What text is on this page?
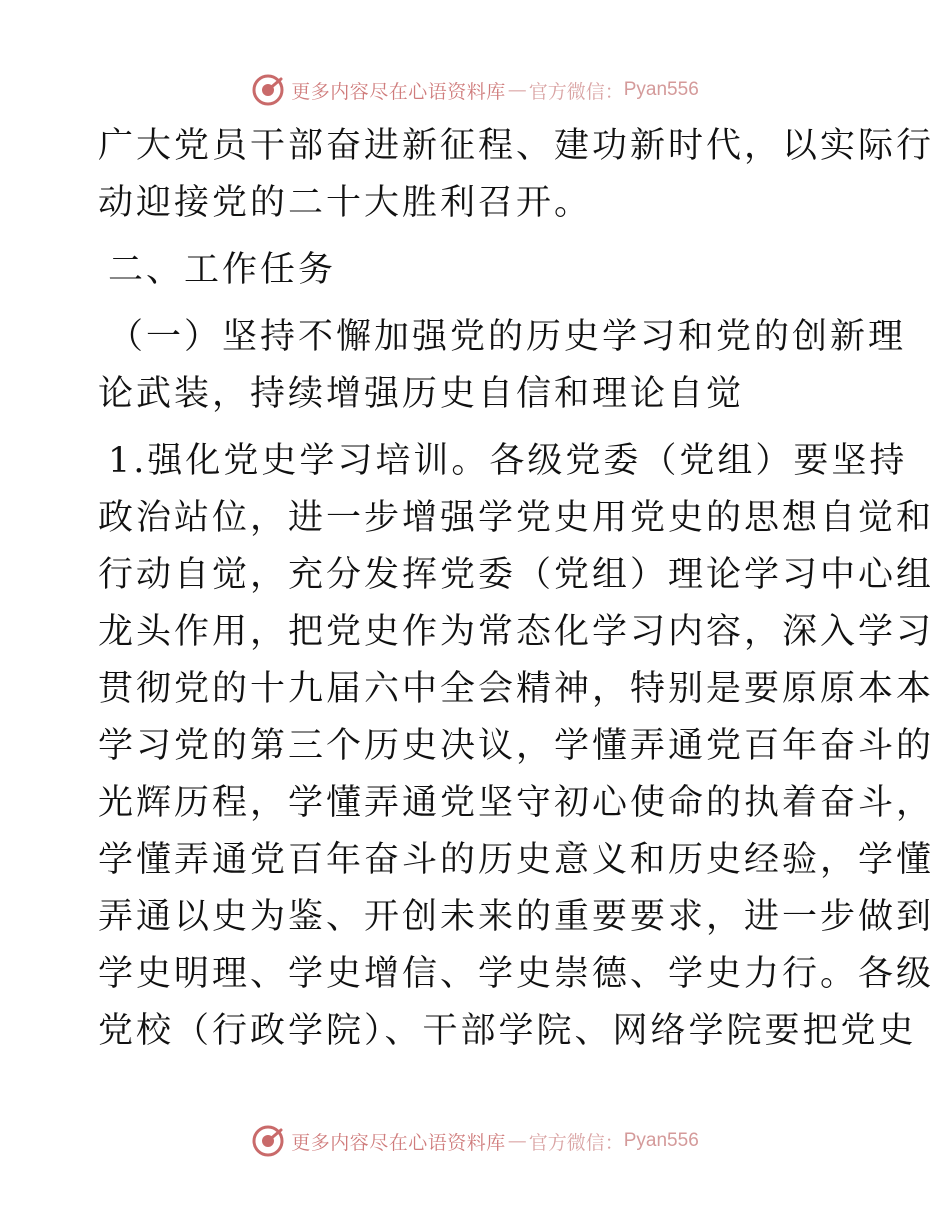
更多内容尽在心语资料库 — 官方微信： Pyan556
广大党员干部奋进新征程、建功新时代，以实际行
动迎接党的二十大胜利召开。
二、工作任务
（一）坚持不懈加强党的历史学习和党的创新理
论武装，持续增强历史自信和理论自觉
1.强化党史学习培训。各级党委（党组）要坚持
政治站位，进一步增强学党史用党史的思想自觉和
行动自觉，充分发挥党委（党组）理论学习中心组
龙头作用，把党史作为常态化学习内容，深入学习
贯彻党的十九届六中全会精神，特别是要原原本本
学习党的第三个历史决议，学懂弄通党百年奋斗的
光辉历程，学懂弄通党坚守初心使命的执着奋斗，
学懂弄通党百年奋斗的历史意义和历史经验，学懂
弄通以史为鉴、开创未来的重要要求，进一步做到
学史明理、学史增信、学史崇德、学史力行。各级
党校（行政学院）、干部学院、网络学院要把党史
更多内容尽在心语资料库 — 官方微信： Pyan556
